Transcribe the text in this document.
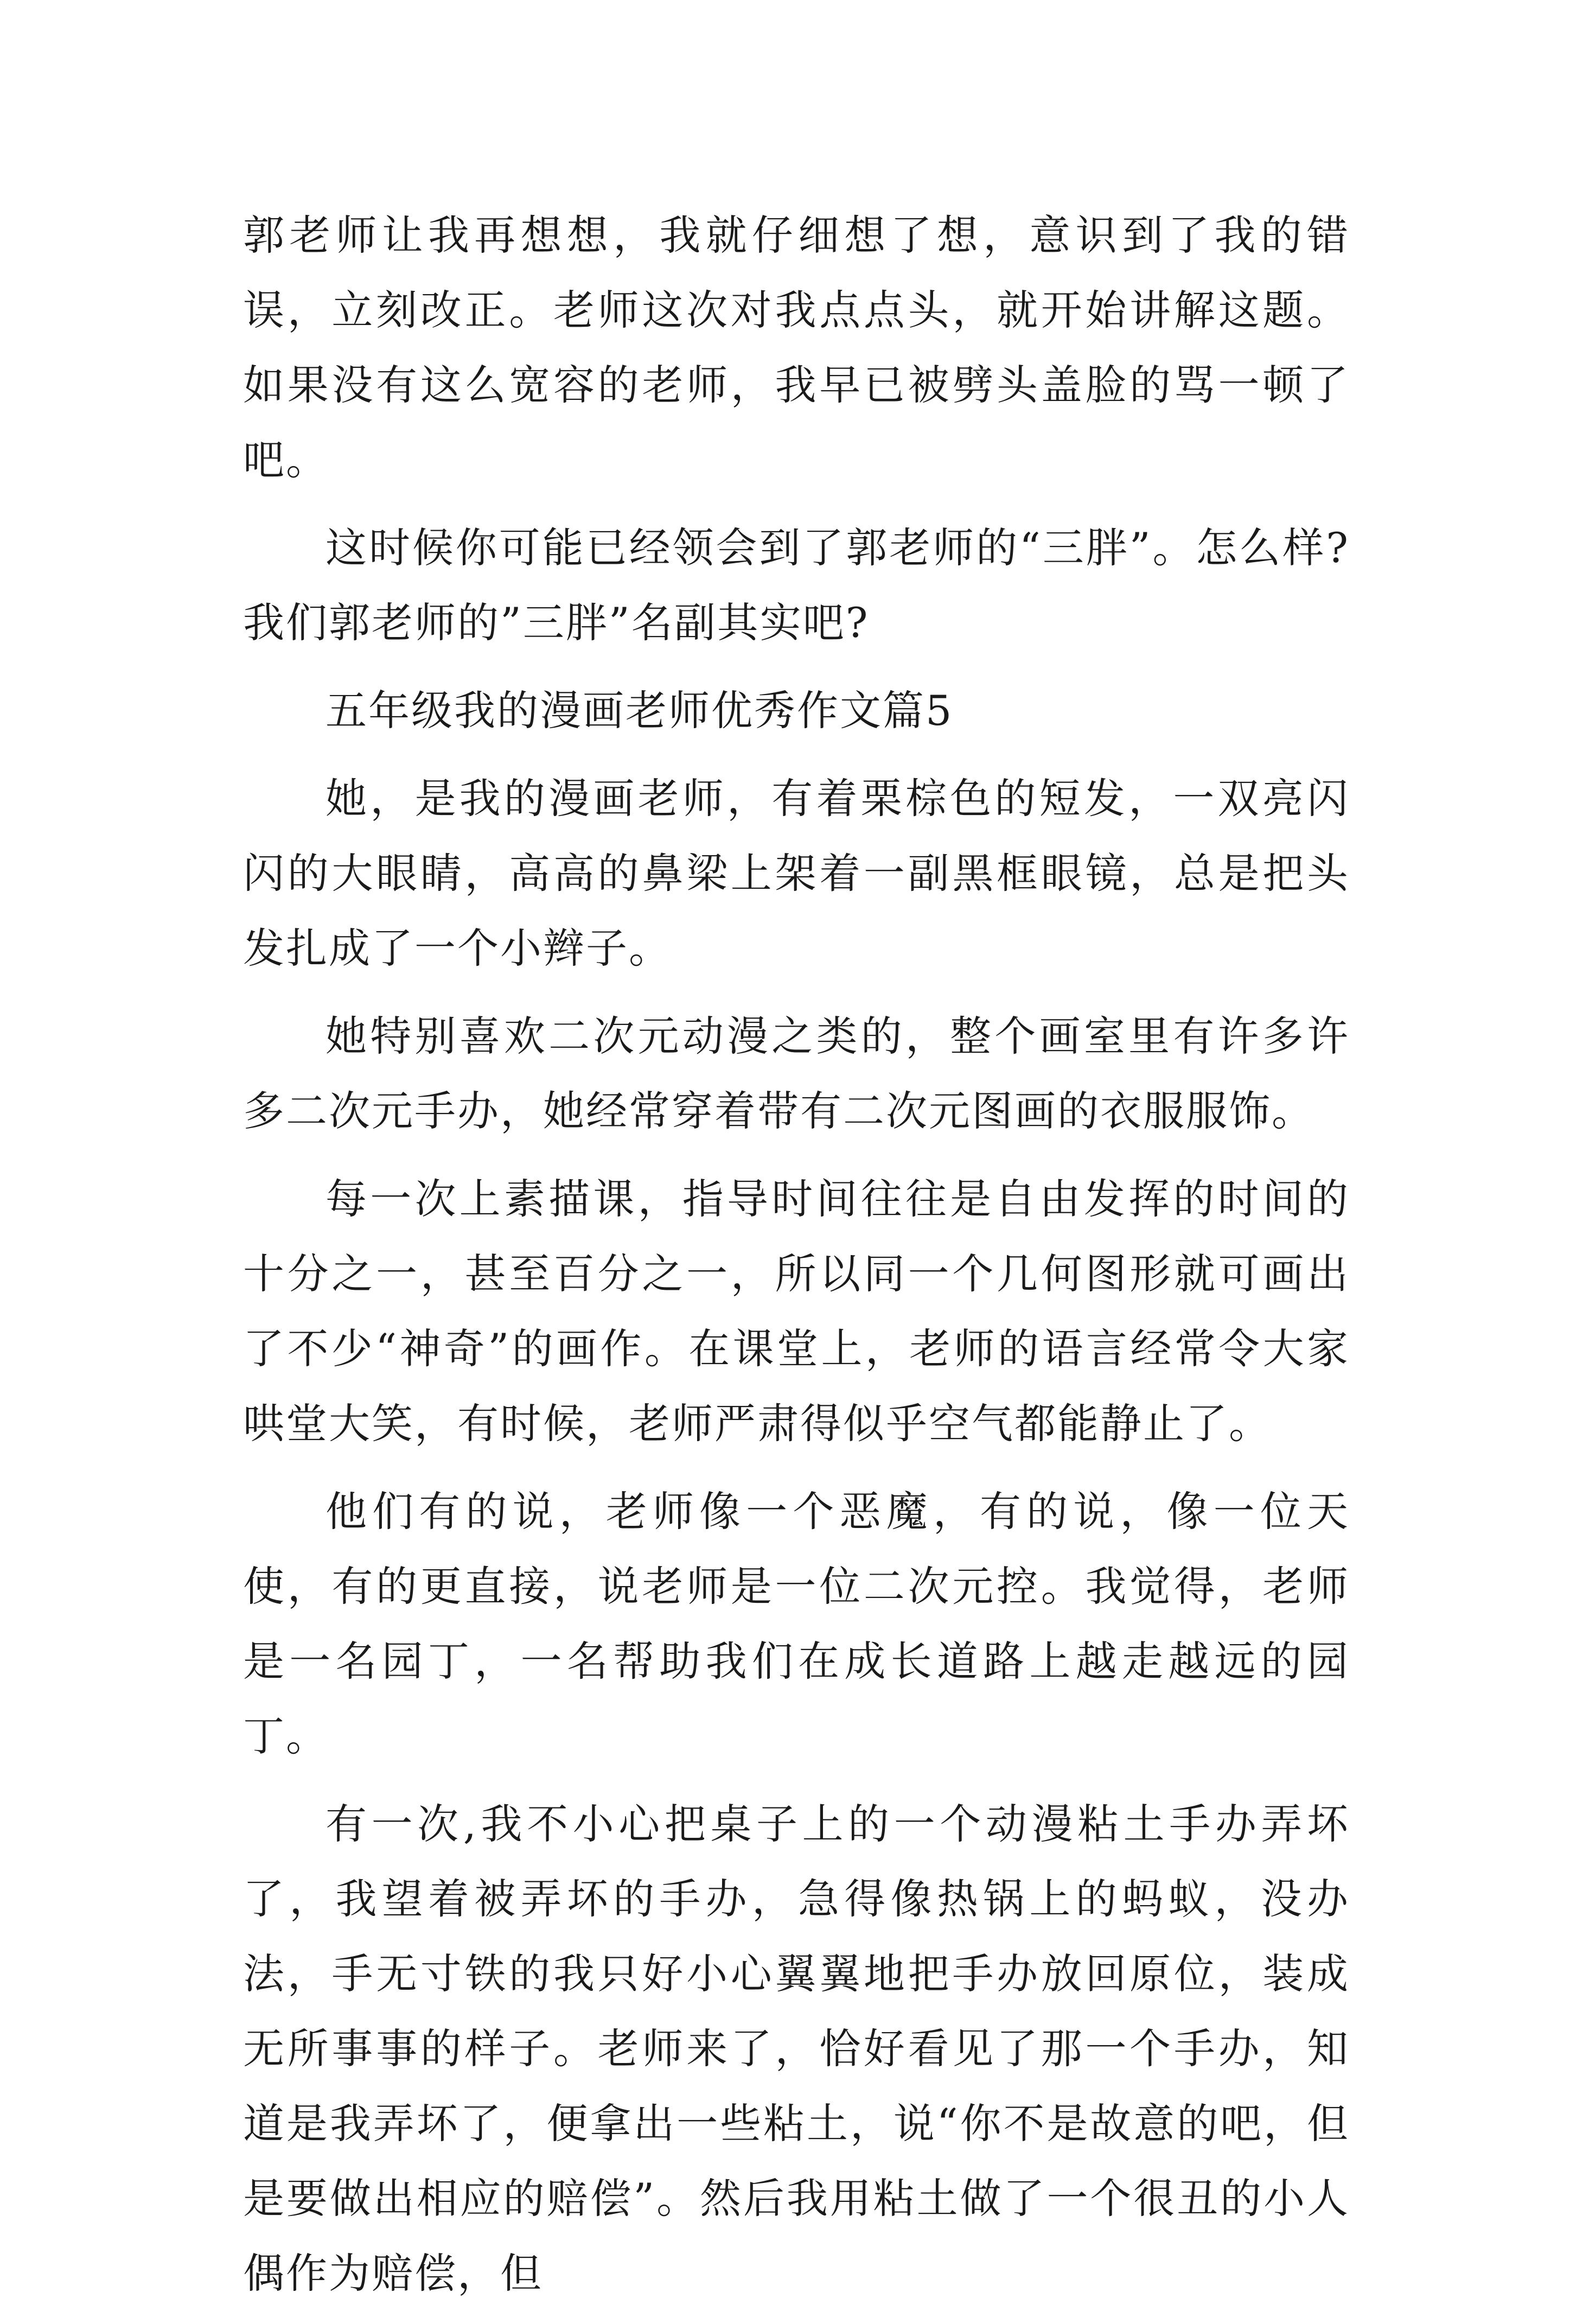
郭老师让我再想想，我就仔细想了想，意识到了我的错误，立刻改正。老师这次对我点点头，就开始讲解这题。如果没有这么宽容的老师，我早已被劈头盖脸的骂一顿了吧。

这时候你可能已经领会到了郭老师的“三胖”。怎么样?我们郭老师的”三胖”名副其实吧?

五年级我的漫画老师优秀作文篇5

她，是我的漫画老师，有着栗棕色的短发，一双亮闪闪的大眼睛，高高的鼻梁上架着一副黑框眼镜，总是把头发扎成了一个小辫子。

她特别喜欢二次元动漫之类的，整个画室里有许多许多二次元手办，她经常穿着带有二次元图画的衣服服饰。

每一次上素描课，指导时间往往是自由发挥的时间的十分之一，甚至百分之一，所以同一个几何图形就可画出了不少“神奇”的画作。在课堂上，老师的语言经常令大家哄堂大笑，有时候，老师严肃得似乎空气都能静止了。

他们有的说，老师像一个恶魔，有的说，像一位天使，有的更直接，说老师是一位二次元控。我觉得，老师是一名园丁，一名帮助我们在成长道路上越走越远的园丁。

有一次,我不小心把桌子上的一个动漫粘土手办弄坏了，我望着被弄坏的手办，急得像热锅上的蚂蚁，没办法，手无寸铁的我只好小心翼翼地把手办放回原位，装成无所事事的样子。老师来了，恰好看见了那一个手办，知道是我弄坏了，便拿出一些粘土，说“你不是故意的吧，但是要做出相应的赔偿”。然后我用粘土做了一个很丑的小人偶作为赔偿，但
